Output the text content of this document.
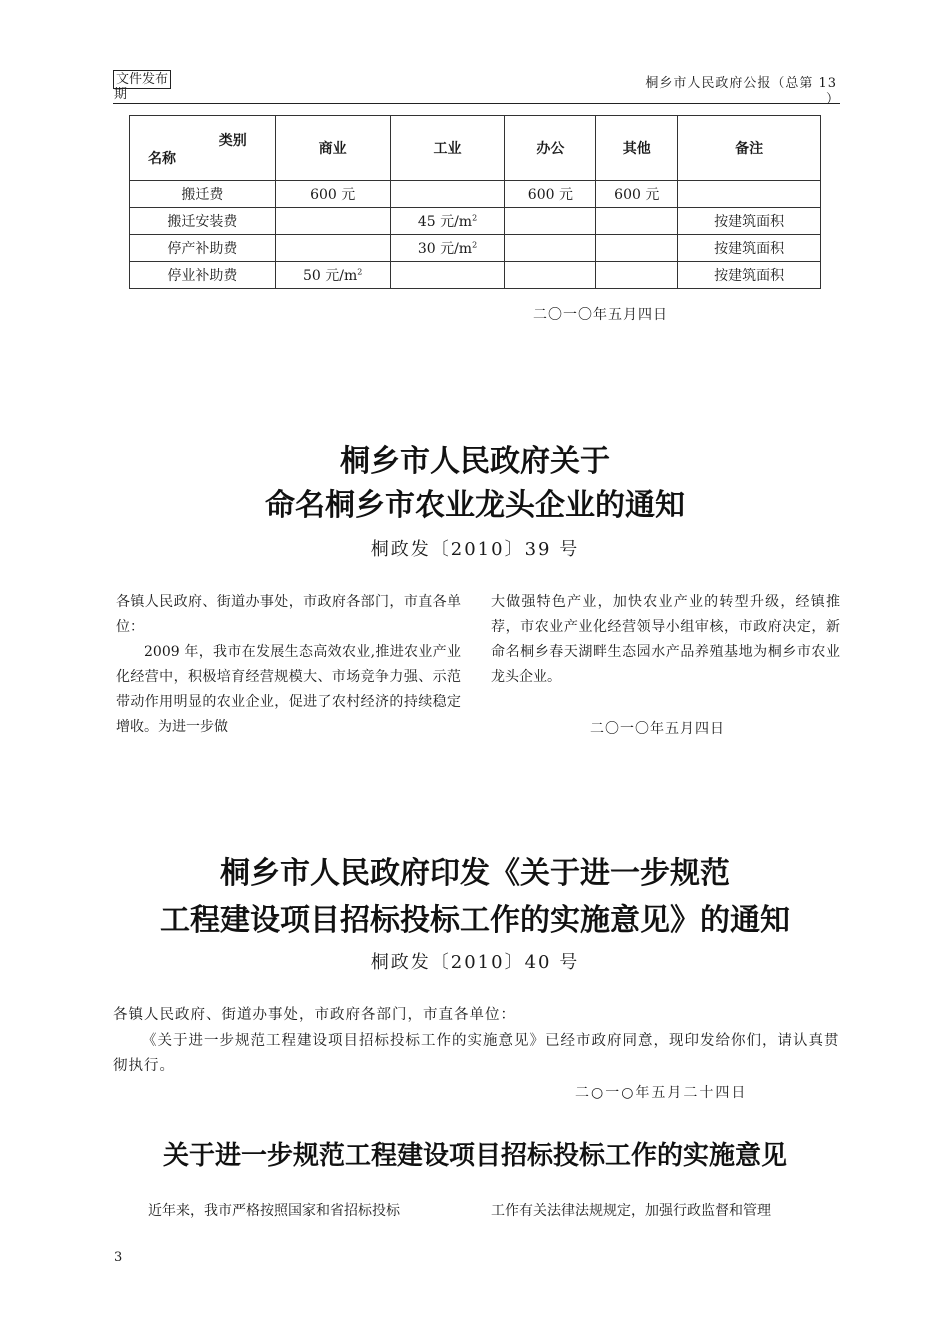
文件发布
期
桐乡市人民政府公报（总第 13
）
类别
名称	商业	工业	办公	其他	备注
搬迁费	600 元		600 元	600 元	
搬迁安装费		45 元$/m^2$			按建筑面积
停产补助费		30 元$/m^2$			按建筑面积
停业补助费	50 元$/m^2$				按建筑面积
二〇一〇年五月四日
桐乡市人民政府关于
命名桐乡市农业龙头企业的通知
桐政发〔2010〕39 号

各镇人民政府、街道办事处，市政府各部门，市直各单位：

2009 年，我市在发展生态高效农业,推进农业产业化经营中，积极培育经营规模大、市场竞争力强、示范带动作用明显的农业企业，促进了农村经济的持续稳定增收。为进一步做

大做强特色产业，加快农业产业的转型升级，经镇推荐，市农业产业化经营领导小组审核，市政府决定，新命名桐乡春天湖畔生态园水产品养殖基地为桐乡市农业龙头企业。

二〇一〇年五月四日
桐乡市人民政府印发《关于进一步规范
工程建设项目招标投标工作的实施意见》的通知
桐政发〔2010〕40 号
各镇人民政府、街道办事处，市政府各部门，市直各单位：
《关于进一步规范工程建设项目招标投标工作的实施意见》已经市政府同意，现印发给你们，请认真贯彻执行。
二○一○年五月二十四日
关于进一步规范工程建设项目招标投标工作的实施意见
近年来，我市严格按照国家和省招标投标	工作有关法律法规规定，加强行政监督和管理
3
